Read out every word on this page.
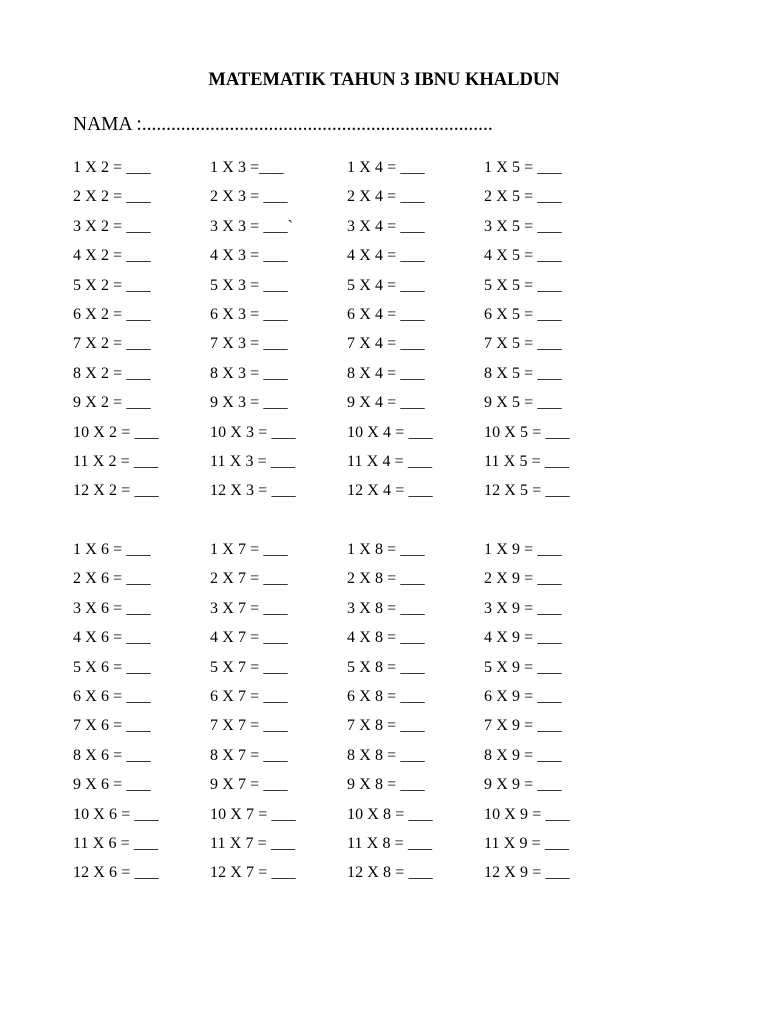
MATEMATIK TAHUN 3 IBNU KHALDUN
NAMA :........................................................................
1 X 2 = ___	1 X 3 =___	1 X 4 = ___	1 X 5 = ___
2 X 2 = ___	2 X 3 = ___	2 X 4 = ___	2 X 5 = ___
3 X 2 = ___	3 X 3 = ___`	3 X 4 = ___	3 X 5 = ___
4 X 2 = ___	4 X 3 = ___	4 X 4 = ___	4 X 5 = ___
5 X 2 = ___	5 X 3 = ___	5 X 4 = ___	5 X 5 = ___
6 X 2 = ___	6 X 3 = ___	6 X 4 = ___	6 X 5 = ___
7 X 2 = ___	7 X 3 = ___	7 X 4 = ___	7 X 5 = ___
8 X 2 = ___	8 X 3 = ___	8 X 4 = ___	8 X 5 = ___
9 X 2 = ___	9 X 3 = ___	9 X 4 = ___	9 X 5 = ___
10 X 2 = ___	10 X 3 = ___	10 X 4 = ___	10 X 5 = ___
11 X 2 = ___	11 X 3 = ___	11 X 4 = ___	11 X 5 = ___
12 X 2 = ___	12 X 3 = ___	12 X 4 = ___	12 X 5 = ___
1 X 6 = ___	1 X 7 = ___	1 X 8 = ___	1 X 9 = ___
2 X 6 = ___	2 X 7 = ___	2 X 8 = ___	2 X 9 = ___
3 X 6 = ___	3 X 7 = ___	3 X 8 = ___	3 X 9 = ___
4 X 6 = ___	4 X 7 = ___	4 X 8 = ___	4 X 9 = ___
5 X 6 = ___	5 X 7 = ___	5 X 8 = ___	5 X 9 = ___
6 X 6 = ___	6 X 7 = ___	6 X 8 = ___	6 X 9 = ___
7 X 6 = ___	7 X 7 = ___	7 X 8 = ___	7 X 9 = ___
8 X 6 = ___	8 X 7 = ___	8 X 8 = ___	8 X 9 = ___
9 X 6 = ___	9 X 7 = ___	9 X 8 = ___	9 X 9 = ___
10 X 6 = ___	10 X 7 = ___	10 X 8 = ___	10 X 9 = ___
11 X 6 = ___	11 X 7 = ___	11 X 8 = ___	11 X 9 = ___
12 X 6 = ___	12 X 7 = ___	12 X 8 = ___	12 X 9 = ___
